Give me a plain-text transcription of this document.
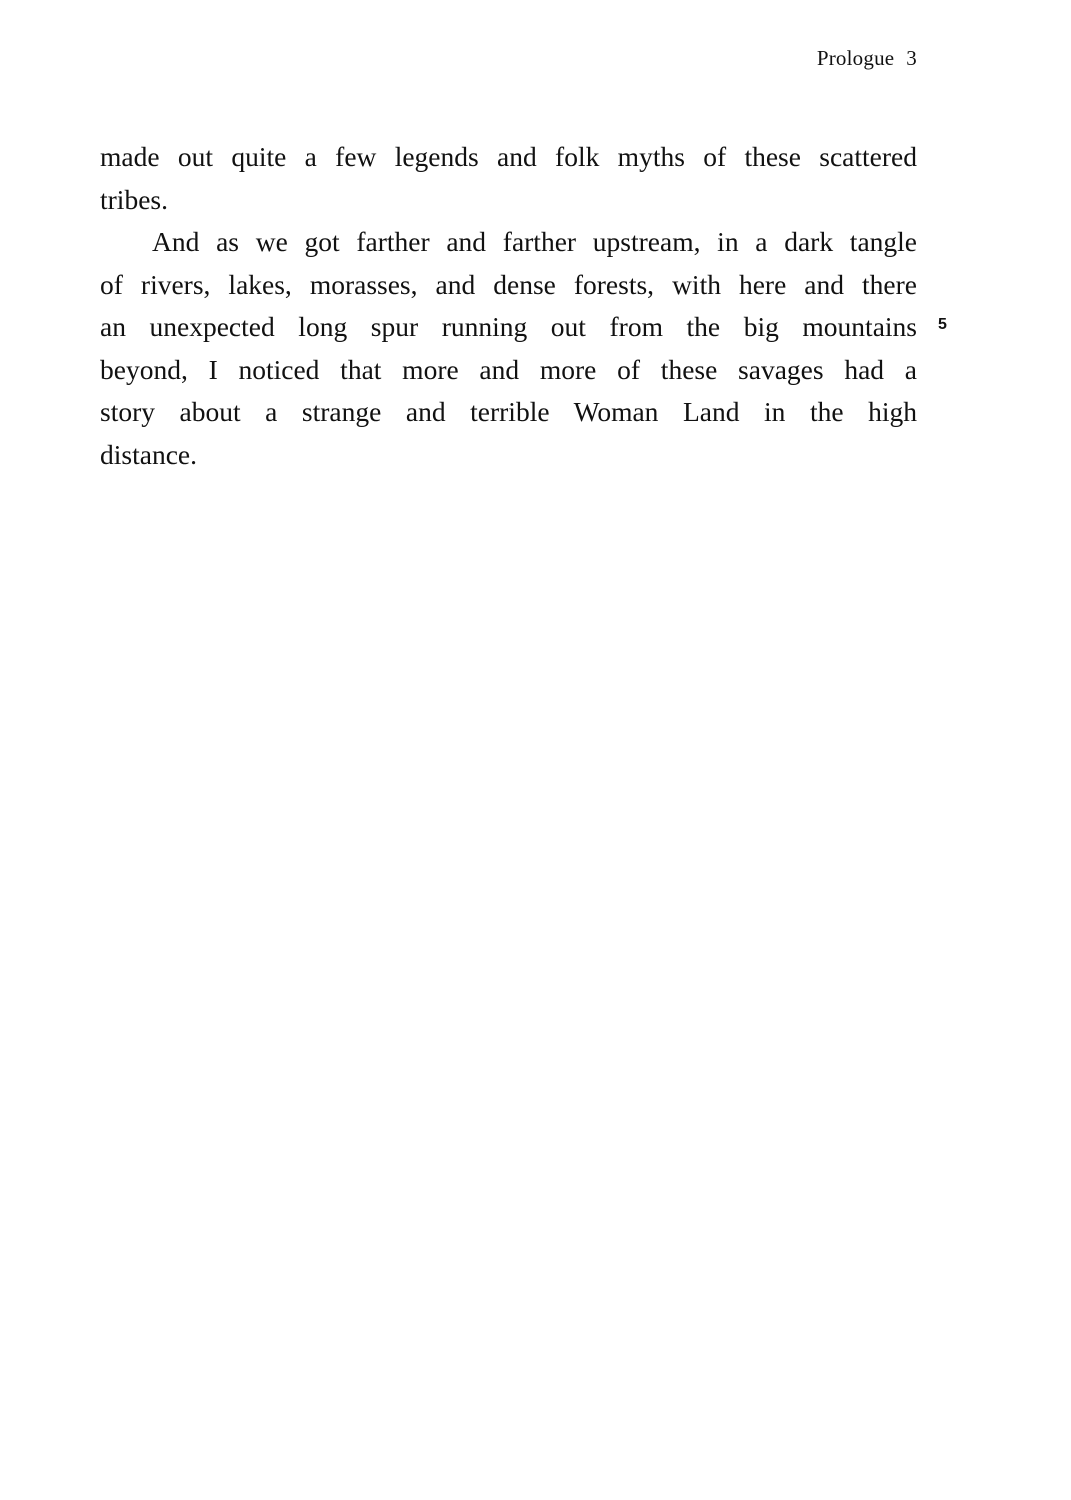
Prologue 3
made out quite a few legends and folk myths of these scattered
tribes.
And as we got farther and farther upstream, in a dark tangle
of rivers, lakes, morasses, and dense forests, with here and there
an unexpected long spur running out from the big mountains
beyond, I noticed that more and more of these savages had a
story about a strange and terrible Woman Land in the high
distance.
5
